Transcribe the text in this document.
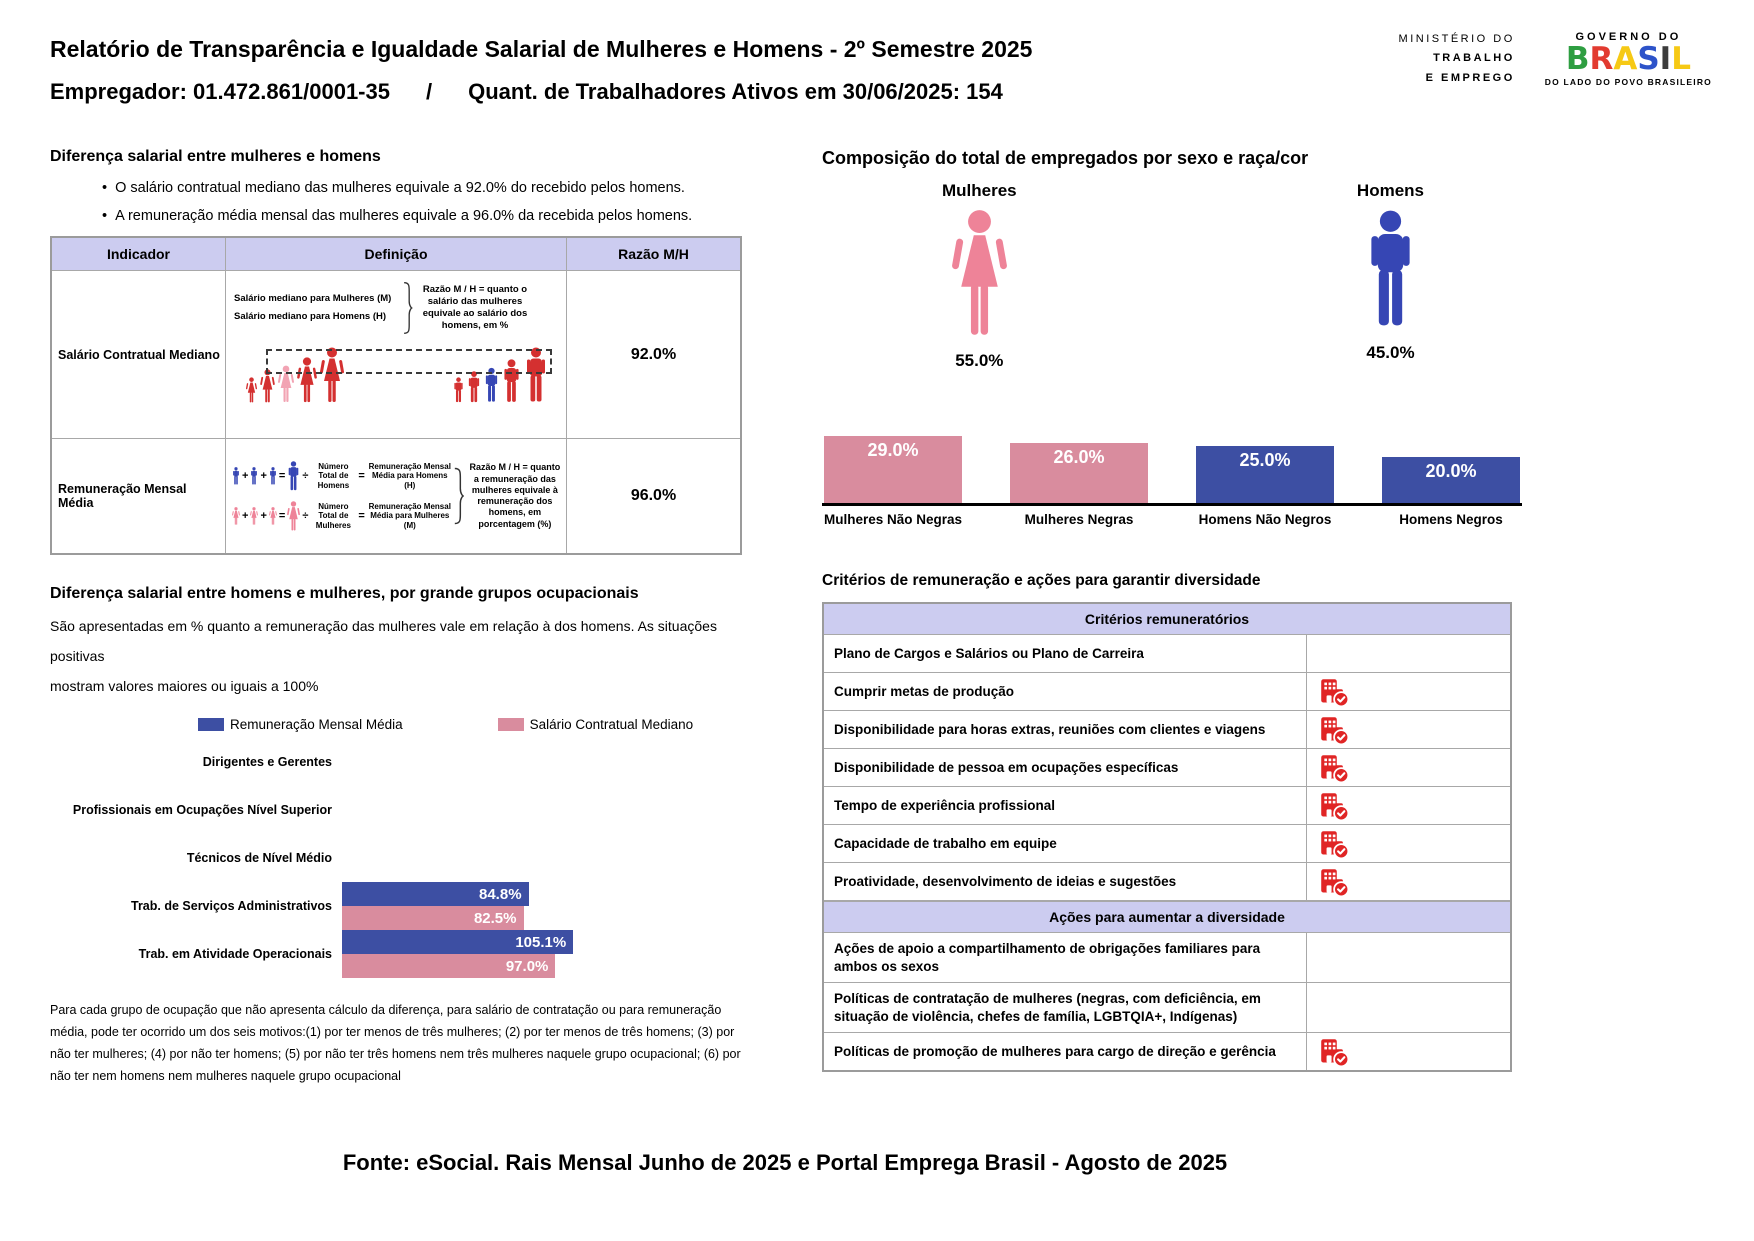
Relatório de Transparência e Igualdade Salarial de Mulheres e Homens - 2º Semestre 2025
Empregador: 01.472.861/0001-35 / Quant. de Trabalhadores Ativos em 30/06/2025: 154
MINISTÉRIO DO
TRABALHO
E EMPREGO
GOVERNO DO
BRASIL
DO LADO DO POVO BRASILEIRO
Diferença salarial entre mulheres e homens
• O salário contratual mediano das mulheres equivale a 92.0% do recebido pelos homens.
• A remuneração média mensal das mulheres equivale a 96.0% da recebida pelos homens.
Indicador	Definição	Razão M/H
Salário Contratual Mediano
Salário mediano para Mulheres (M)
Salário mediano para Homens (H)
Razão M / H = quanto o salário das mulheres equivale ao salário dos homens, em %
92.0%
Remuneração Mensal Média
+ + = ÷
Número Total de Homens
=
Remuneração Mensal Média para Homens (H)
+ + = ÷
Número Total de Mulheres
=
Remuneração Mensal Média para Mulheres (M)
Razão M / H = quanto a remuneração das mulheres equivale à remuneração dos homens, em porcentagem (%)
96.0%
Diferença salarial entre homens e mulheres, por grande grupos ocupacionais
São apresentadas em % quanto a remuneração das mulheres vale em relação à dos homens. As situações positivas
mostram valores maiores ou iguais a 100%
Remuneração Mensal Média	Salário Contratual Mediano
Dirigentes e Gerentes
Profissionais em Ocupações Nível Superior
Técnicos de Nível Médio
Trab. de Serviços Administrativos
84.8%
82.5%
Trab. em Atividade Operacionais
105.1%
97.0%
Para cada grupo de ocupação que não apresenta cálculo da diferença, para salário de contratação ou para remuneração média, pode ter ocorrido um dos seis motivos:(1) por ter menos de três mulheres; (2) por ter menos de três homens; (3) por não ter mulheres; (4) por não ter homens; (5) por não ter três homens nem três mulheres naquele grupo ocupacional; (6) por não ter nem homens nem mulheres naquele grupo ocupacional
Composição do total de empregados por sexo e raça/cor
Mulheres
55.0%
Homens
45.0%
29.0%	26.0%	25.0%
20.0%
Mulheres Não Negras	Mulheres Negras	Homens Não Negros	Homens Negros
Critérios de remuneração e ações para garantir diversidade
Critérios remuneratórios
Plano de Cargos e Salários ou Plano de Carreira
Cumprir metas de produção
Disponibilidade para horas extras, reuniões com clientes e viagens
Disponibilidade de pessoa em ocupações específicas
Tempo de experiência profissional
Capacidade de trabalho em equipe
Proatividade, desenvolvimento de ideias e sugestões
Ações para aumentar a diversidade
Ações de apoio a compartilhamento de obrigações familiares para ambos os sexos
Políticas de contratação de mulheres (negras, com deficiência, em situação de violência, chefes de família, LGBTQIA+, Indígenas)
Políticas de promoção de mulheres para cargo de direção e gerência
Fonte: eSocial. Rais Mensal Junho de 2025 e Portal Emprega Brasil - Agosto de 2025
